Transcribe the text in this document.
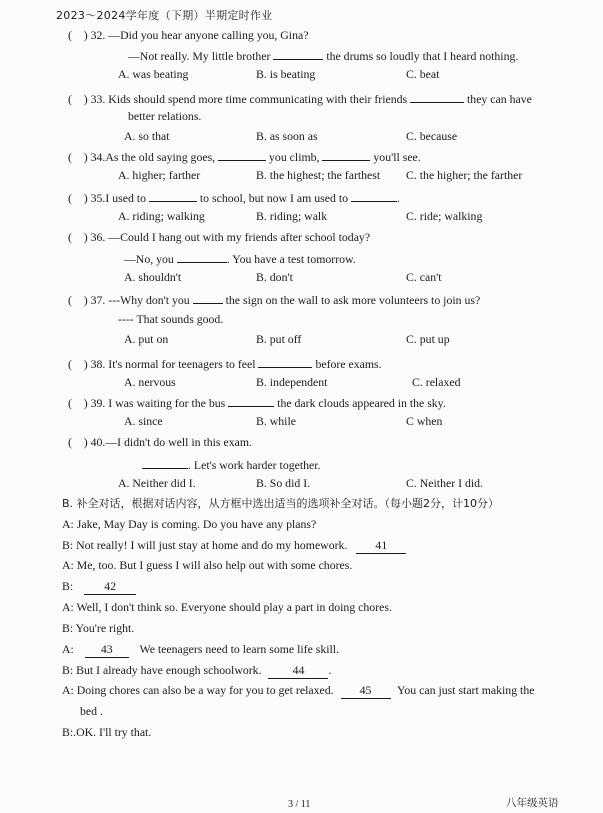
2023～2024学年度（下期）半期定时作业
(　) 32. —Did you hear anyone calling you, Gina?
—Not really. My little brother	the drums so loudly that I heard nothing.
A. was beating	B. is beating	C. beat
(　) 33. Kids should spend more time communicating with their friends	they can have
better relations.
A. so that	B. as soon as	C. because
(　) 34.As the old saying goes,	you climb,	you'll see.
A. higher; farther	B. the highest; the farthest C. the higher; the farther
(　) 35.I used to	to school, but now I am used to	.
A. riding; walking	B. riding; walk	C. ride; walking
(　) 36. —Could I hang out with my friends after school today?
—No, you	. You have a test tomorrow.
A. shouldn't	B. don't	C. can't
(　) 37. ---Why don't you	the sign on the wall to ask more volunteers to join us?
---- That sounds good.
A. put on	B. put off	C. put up
(　) 38. It's normal for teenagers to feel	before exams.
A. nervous	B. independent	C. relaxed
(　) 39. I was waiting for the bus	the dark clouds appeared in the sky.
A. since	B. while	C when
(　) 40.—I didn't do well in this exam.
. Let's work harder together.
A. Neither did I.	B. So did I.	C. Neither I did.
B. 补全对话，根据对话内容，从方框中选出适当的选项补全对话。（每小题2分，计10分）
A: Jake, May Day is coming. Do you have any plans?
B: Not really! I will just stay at home and do my homework. 41
A: Me, too. But I guess I will also help out with some chores.
B:	42
A: Well, I don't think so. Everyone should play a part in doing chores.
B: You're right.
A: 43 We teenagers need to learn some life skill.
B: But I already have enough schoolwork.	44 .
A: Doing chores can also be a way for you to get relaxed. 45 You can just start making the
bed .
B:.OK. I'll try that.
3 / 11	八年级英语
